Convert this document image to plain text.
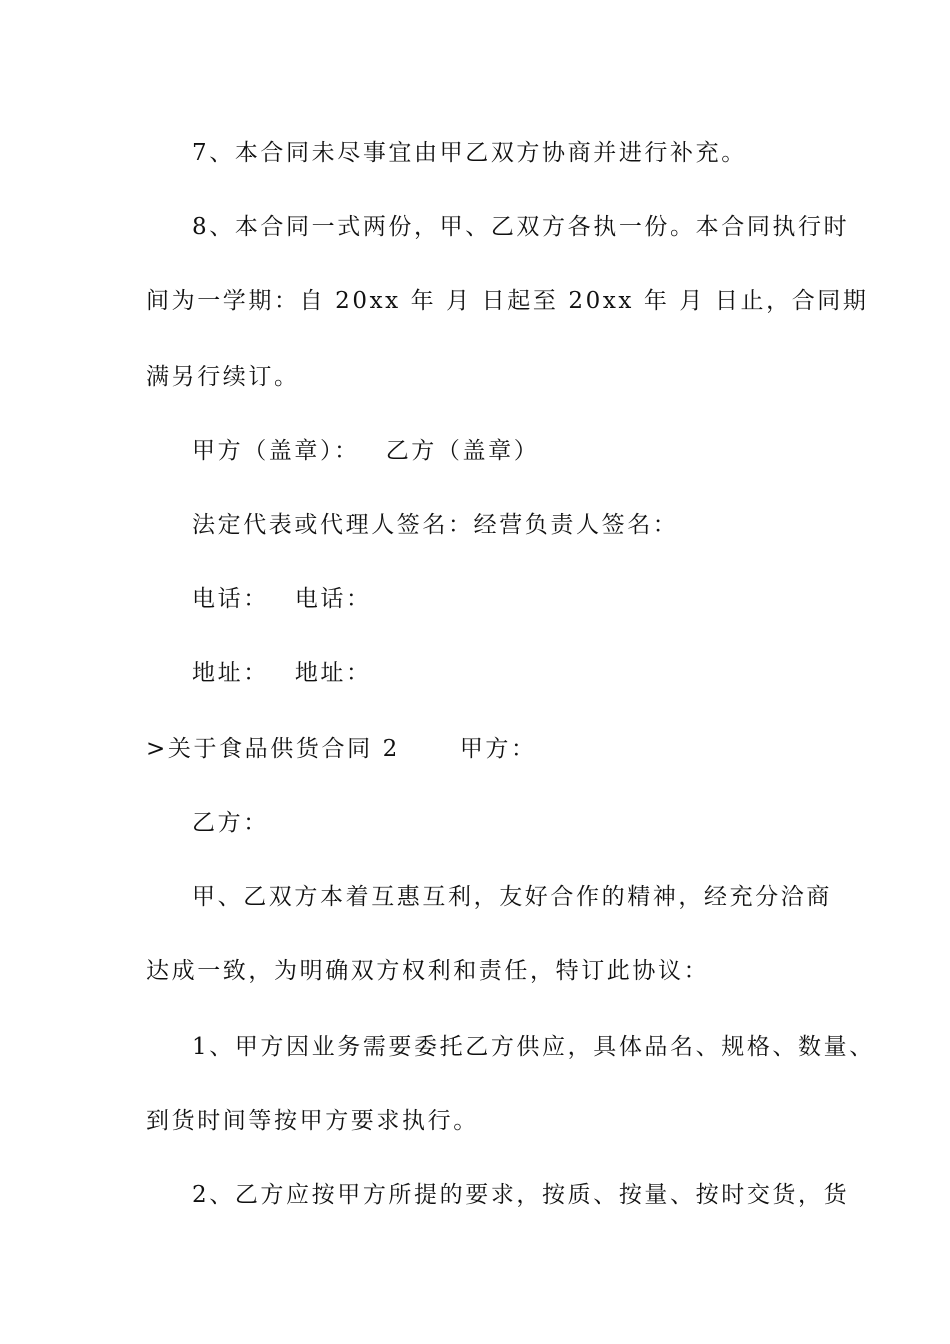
7、本合同未尽事宜由甲乙双方协商并进行补充。
8、本合同一式两份，甲、乙双方各执一份。本合同执行时
间为一学期：自 20xx 年 月 日起至 20xx 年 月 日止，合同期
满另行续订。
甲方（盖章）： 乙方（盖章）
法定代表或代理人签名：经营负责人签名：
电话： 电话：
地址： 地址：
>关于食品供货合同 2	甲方：
乙方：
甲、乙双方本着互惠互利，友好合作的精神，经充分洽商
达成一致，为明确双方权利和责任，特订此协议：
1、甲方因业务需要委托乙方供应，具体品名、规格、数量、
到货时间等按甲方要求执行。
2、乙方应按甲方所提的要求，按质、按量、按时交货，货
